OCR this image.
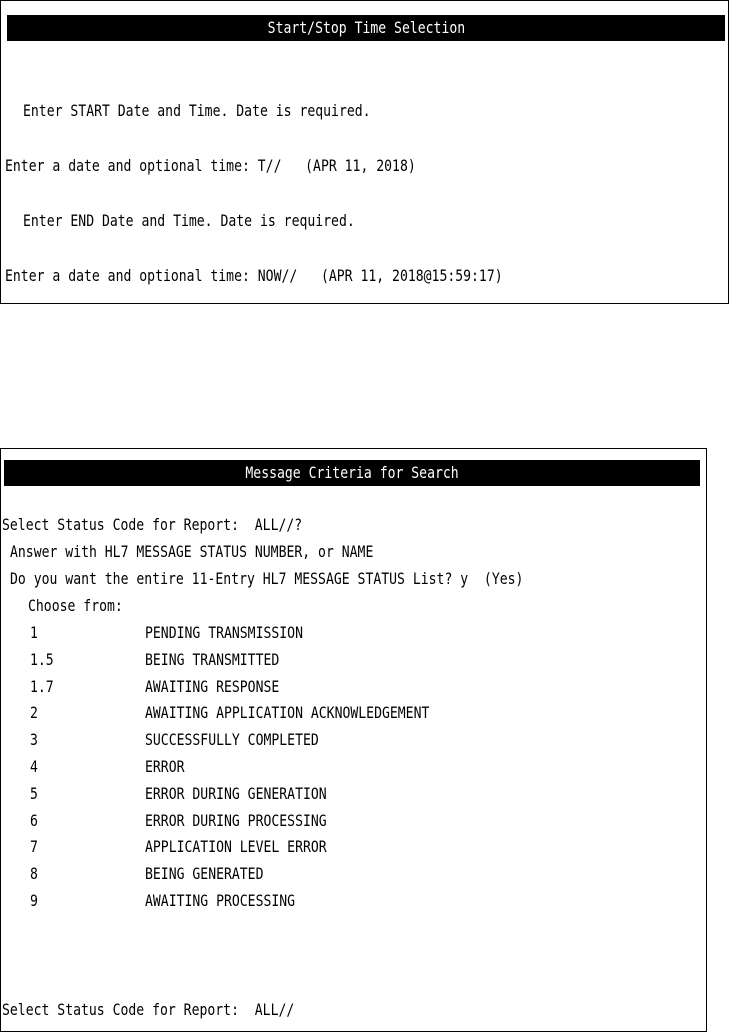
Start/Stop Time Selection
Enter START Date and Time. Date is required.
Enter a date and optional time: T//   (APR 11, 2018)
Enter END Date and Time. Date is required.
Enter a date and optional time: NOW//   (APR 11, 2018@15:59:17)
Message Criteria for Search
Select Status Code for Report:  ALL//?
Answer with HL7 MESSAGE STATUS NUMBER, or NAME
Do you want the entire 11-Entry HL7 MESSAGE STATUS List? y  (Yes)
Choose from:
1	PENDING TRANSMISSION
1.5	BEING TRANSMITTED
1.7	AWAITING RESPONSE
2	AWAITING APPLICATION ACKNOWLEDGEMENT
3	SUCCESSFULLY COMPLETED
4	ERROR
5	ERROR DURING GENERATION
6	ERROR DURING PROCESSING
7	APPLICATION LEVEL ERROR
8	BEING GENERATED
9	AWAITING PROCESSING
Select Status Code for Report:  ALL//
